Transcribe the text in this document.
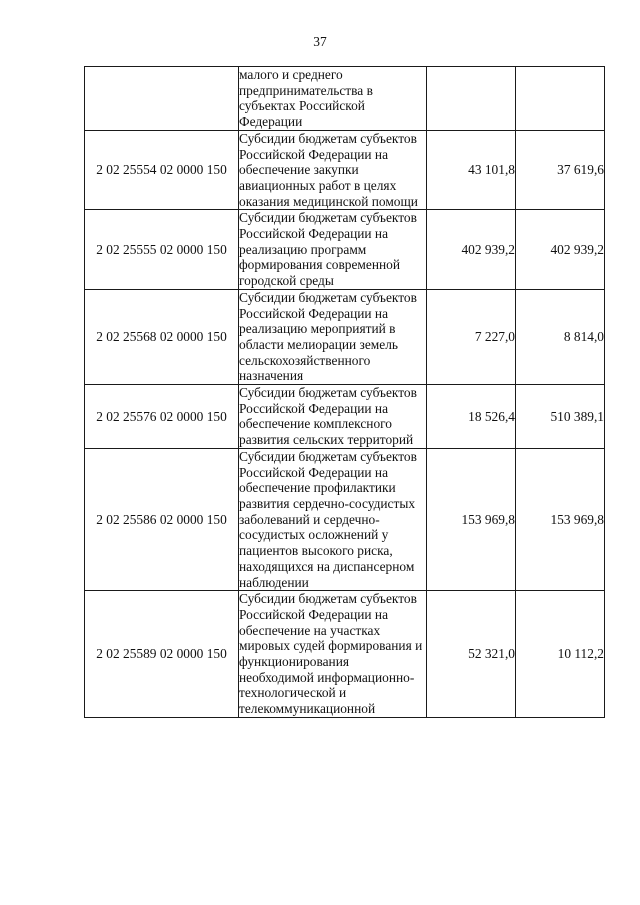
37
	малого и среднего предпринимательства в субъектах Российской Федерации		
2 02 25554 02 0000 150	Субсидии бюджетам субъектов Российской Федерации на обеспечение закупки авиационных работ в целях оказания медицинской помощи	43 101,8	37 619,6
2 02 25555 02 0000 150	Субсидии бюджетам субъектов Российской Федерации на реализацию программ формирования современной городской среды	402 939,2	402 939,2
2 02 25568 02 0000 150	Субсидии бюджетам субъектов Российской Федерации на реализацию мероприятий в области мелиорации земель сельскохозяйственного назначения	7 227,0	8 814,0
2 02 25576 02 0000 150	Субсидии бюджетам субъектов Российской Федерации на обеспечение комплексного развития сельских территорий	18 526,4	510 389,1
2 02 25586 02 0000 150	Субсидии бюджетам субъектов Российской Федерации на обеспечение профилактики развития сердечно-сосудистых заболеваний и сердечно-сосудистых осложнений у пациентов высокого риска, находящихся на диспансерном наблюдении	153 969,8	153 969,8
2 02 25589 02 0000 150	Субсидии бюджетам субъектов Российской Федерации на обеспечение на участках мировых судей формирования и функционирования необходимой информационно-технологической и телекоммуникационной	52 321,0	10 112,2
